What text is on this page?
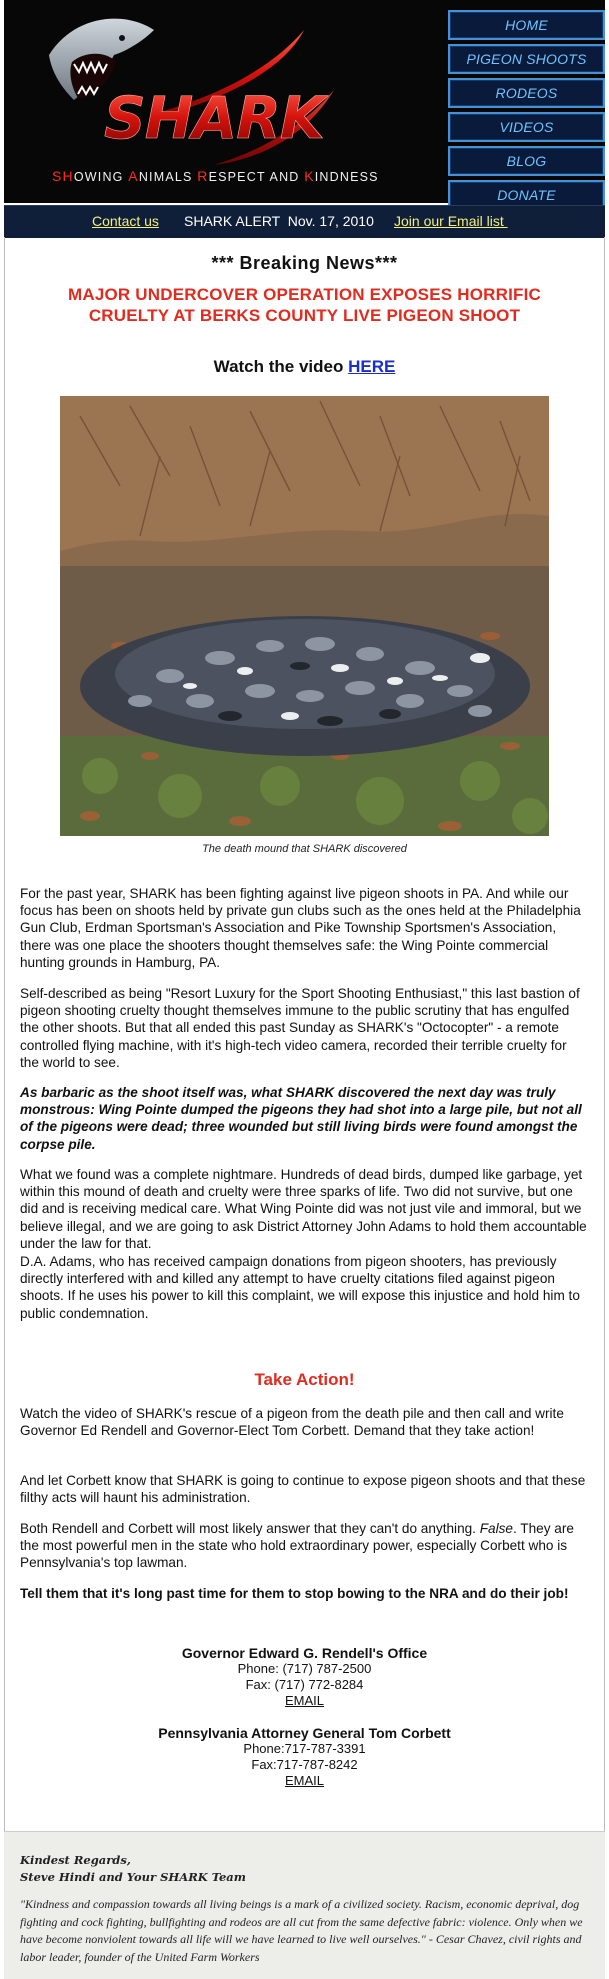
SHARK
SHOWING ANIMALS RESPECT AND KINDNESS
HOME
PIGEON SHOOTS
RODEOS
VIDEOS
BLOG
DONATE
Contact us SHARK ALERT  Nov. 17, 2010 Join our Email list
*** Breaking News***
MAJOR UNDERCOVER OPERATION EXPOSES HORRIFIC
CRUELTY AT BERKS COUNTY LIVE PIGEON SHOOT
Watch the video HERE
The death mound that SHARK discovered
For the past year, SHARK has been fighting against live pigeon shoots in PA. And while our focus has been on shoots held by private gun clubs such as the ones held at the Philadelphia Gun Club, Erdman Sportsman's Association and Pike Township Sportsmen's Association, there was one place the shooters thought themselves safe: the Wing Pointe commercial hunting grounds in Hamburg, PA.
Self-described as being "Resort Luxury for the Sport Shooting Enthusiast," this last bastion of pigeon shooting cruelty thought themselves immune to the public scrutiny that has engulfed the other shoots. But that all ended this past Sunday as SHARK's "Octocopter" - a remote controlled flying machine, with it's high-tech video camera, recorded their terrible cruelty for the world to see.
As barbaric as the shoot itself was, what SHARK discovered the next day was truly monstrous: Wing Pointe dumped the pigeons they had shot into a large pile, but not all of the pigeons were dead; three wounded but still living birds were found amongst the corpse pile.
What we found was a complete nightmare. Hundreds of dead birds, dumped like garbage, yet within this mound of death and cruelty were three sparks of life. Two did not survive, but one did and is receiving medical care. What Wing Pointe did was not just vile and immoral, but we believe illegal, and we are going to ask District Attorney John Adams to hold them accountable under the law for that.
D.A. Adams, who has received campaign donations from pigeon shooters, has previously directly interfered with and killed any attempt to have cruelty citations filed against pigeon shoots. If he uses his power to kill this complaint, we will expose this injustice and hold him to public condemnation.
Take Action!
Watch the video of SHARK's rescue of a pigeon from the death pile and then call and write Governor Ed Rendell and Governor-Elect Tom Corbett. Demand that they take action!
And let Corbett know that SHARK is going to continue to expose pigeon shoots and that these filthy acts will haunt his administration.
Both Rendell and Corbett will most likely answer that they can't do anything. False. They are the most powerful men in the state who hold extraordinary power, especially Corbett who is Pennsylvania's top lawman.
Tell them that it's long past time for them to stop bowing to the NRA and do their job!
Governor Edward G. Rendell's Office
Phone: (717) 787-2500
Fax: (717) 772-8284
EMAIL
Pennsylvania Attorney General Tom Corbett
Phone:717-787-3391
Fax:717-787-8242
EMAIL
Kindest Regards,
Steve Hindi and Your SHARK Team
"Kindness and compassion towards all living beings is a mark of a civilized society. Racism, economic deprival, dog fighting and cock fighting, bullfighting and rodeos are all cut from the same defective fabric: violence. Only when we have become nonviolent towards all life will we have learned to live well ourselves." - Cesar Chavez, civil rights and labor leader, founder of the United Farm Workers
